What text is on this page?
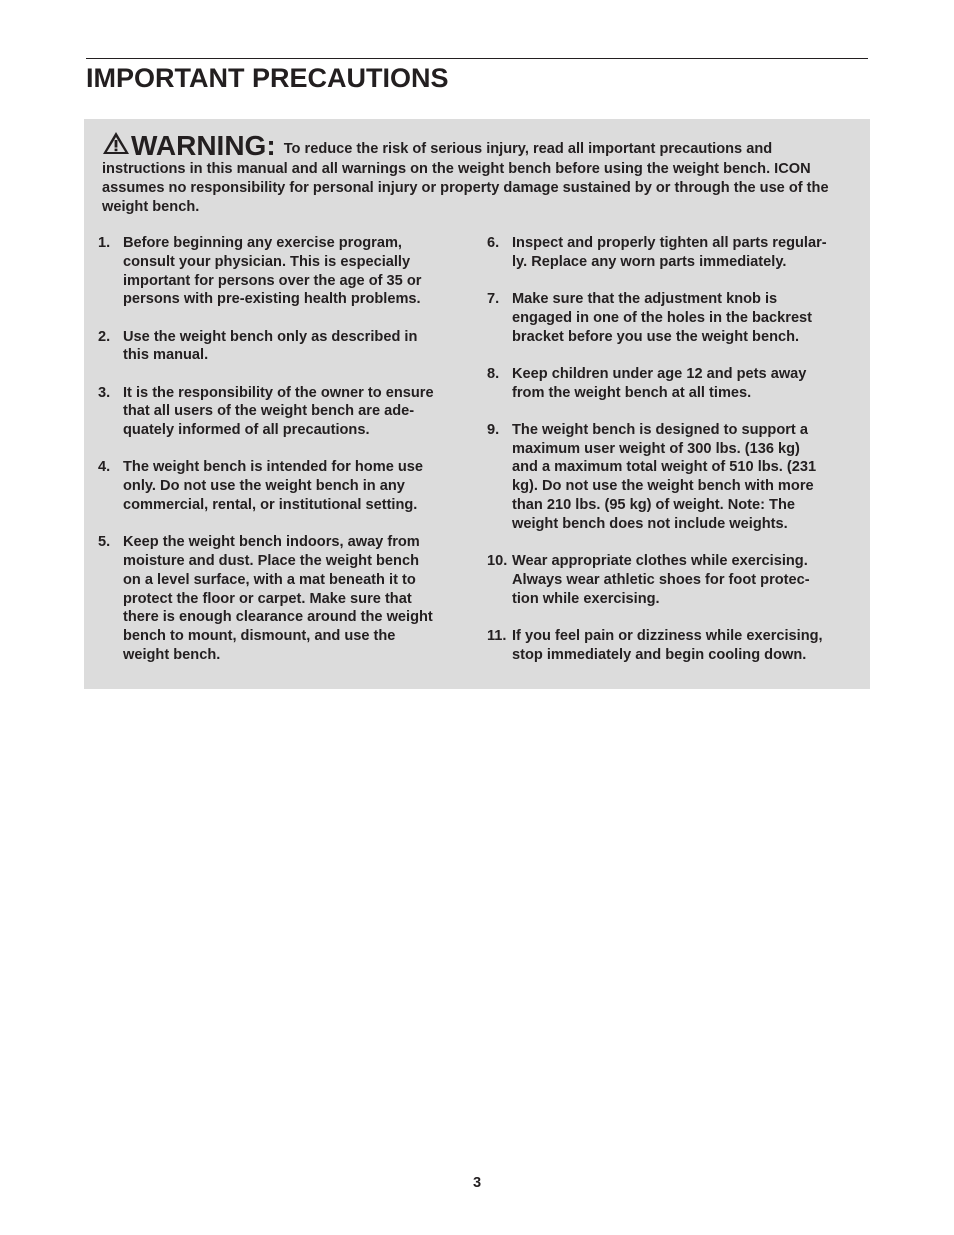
IMPORTANT PRECAUTIONS
WARNING: To reduce the risk of serious injury, read all important precautions and instructions in this manual and all warnings on the weight bench before using the weight bench. ICON assumes no responsibility for personal injury or property damage sustained by or through the use of the weight bench.
1. Before beginning any exercise program,
consult your physician. This is especially
important for persons over the age of 35 or
persons with pre-existing health problems.
2. Use the weight bench only as described in
this manual.
3. It is the responsibility of the owner to ensure
that all users of the weight bench are ade-
quately informed of all precautions.
4. The weight bench is intended for home use
only. Do not use the weight bench in any
commercial, rental, or institutional setting.
5. Keep the weight bench indoors, away from
moisture and dust. Place the weight bench
on a level surface, with a mat beneath it to
protect the floor or carpet. Make sure that
there is enough clearance around the weight
bench to mount, dismount, and use the
weight bench.
6. Inspect and properly tighten all parts regular-
ly. Replace any worn parts immediately.
7. Make sure that the adjustment knob is
engaged in one of the holes in the backrest
bracket before you use the weight bench.
8. Keep children under age 12 and pets away
from the weight bench at all times.
9. The weight bench is designed to support a
maximum user weight of 300 lbs. (136 kg)
and a maximum total weight of 510 lbs. (231
kg). Do not use the weight bench with more
than 210 lbs. (95 kg) of weight. Note: The
weight bench does not include weights.
10. Wear appropriate clothes while exercising.
Always wear athletic shoes for foot protec-
tion while exercising.
11. If you feel pain or dizziness while exercising,
stop immediately and begin cooling down.
3
